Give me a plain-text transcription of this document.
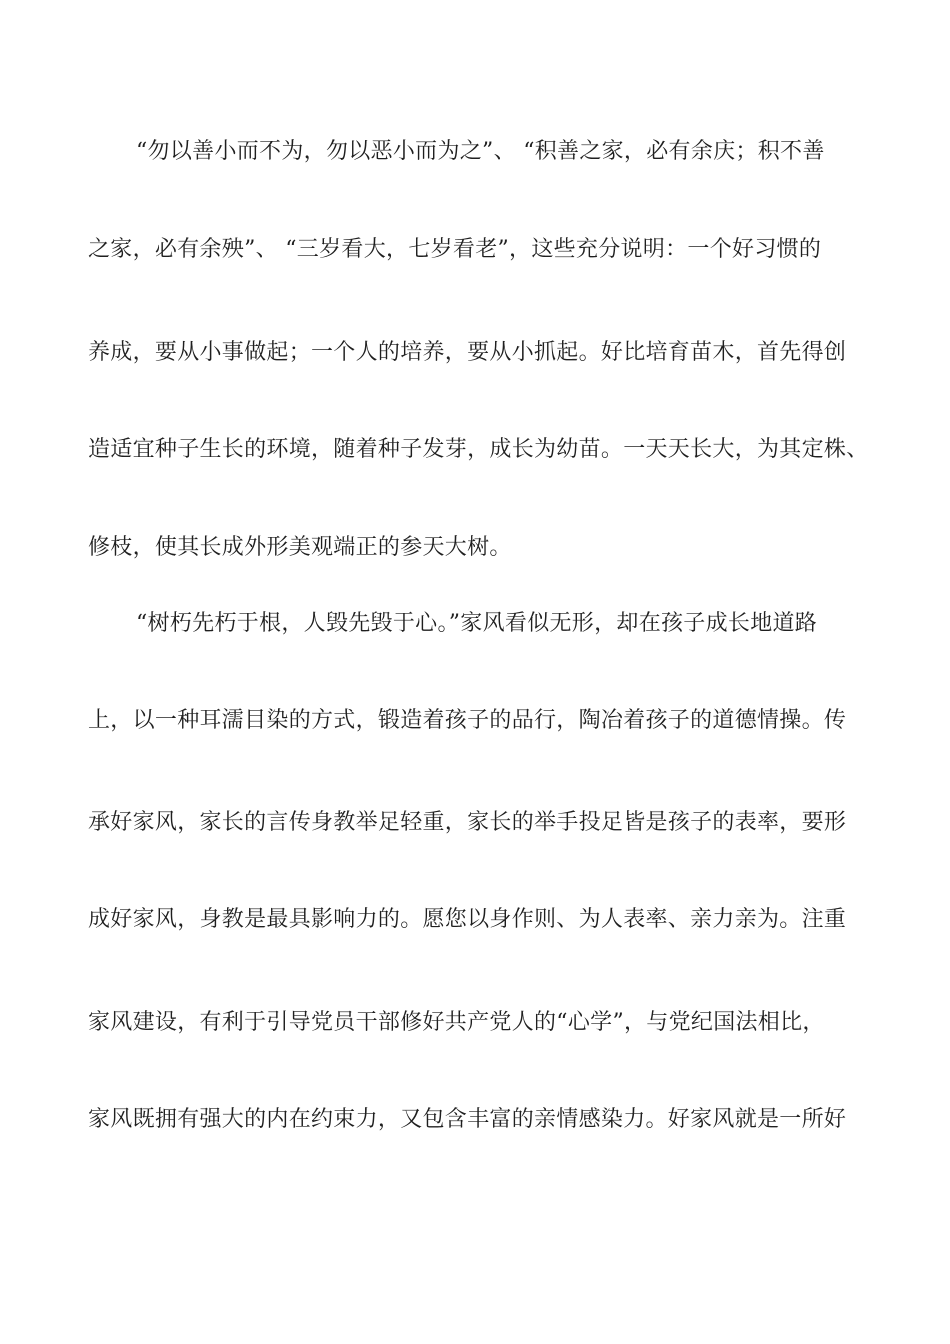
“勿以善小而不为，勿以恶小而为之”、 “积善之家，必有余庆；积不善
之家，必有余殃”、 “三岁看大，七岁看老”，这些充分说明：一个好习惯的
养成，要从小事做起；一个人的培养，要从小抓起。好比培育苗木，首先得创
造适宜种子生长的环境，随着种子发芽，成长为幼苗。一天天长大，为其定株、
修枝，使其长成外形美观端正的参天大树。
“树朽先朽于根，人毁先毁于心。”家风看似无形，却在孩子成长地道路
上，以一种耳濡目染的方式，锻造着孩子的品行，陶冶着孩子的道德情操。传
承好家风，家长的言传身教举足轻重，家长的举手投足皆是孩子的表率，要形
成好家风，身教是最具影响力的。愿您以身作则、为人表率、亲力亲为。注重
家风建设，有利于引导党员干部修好共产党人的“心学”，与党纪国法相比，
家风既拥有强大的内在约束力，又包含丰富的亲情感染力。好家风就是一所好
